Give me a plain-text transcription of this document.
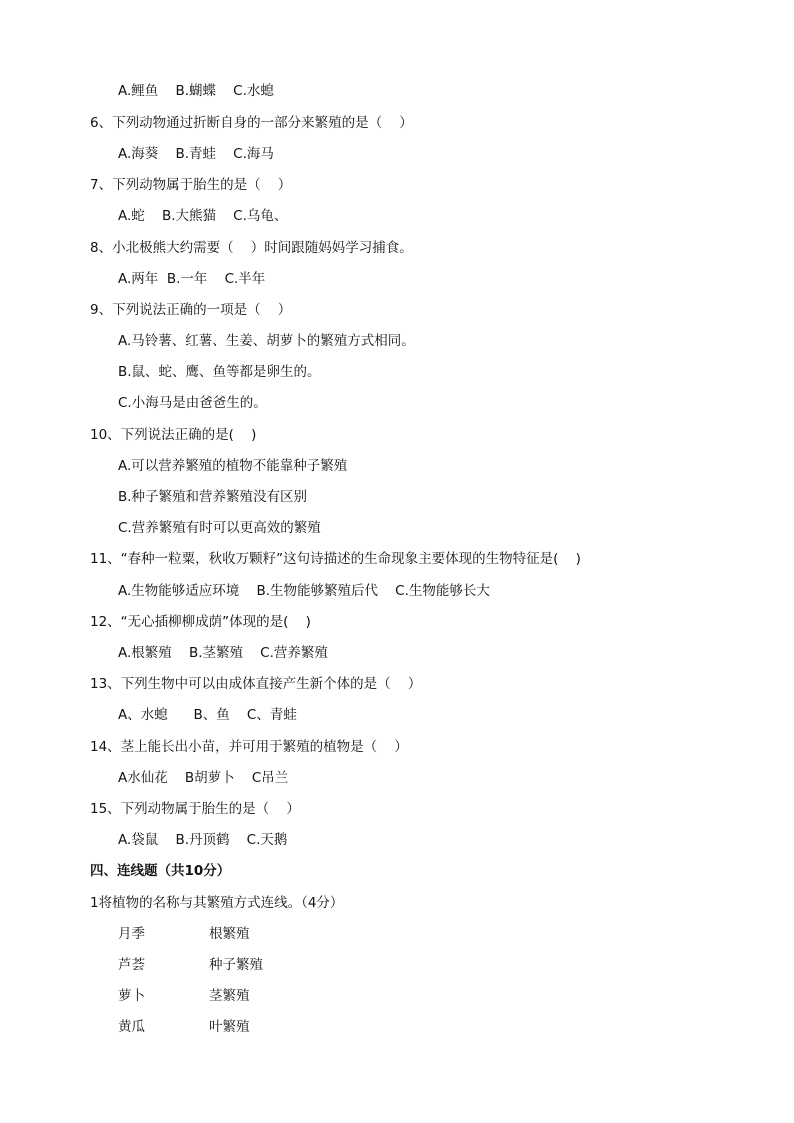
A.鲤鱼    B.蝴蝶    C.水螅
6、下列动物通过折断自身的一部分来繁殖的是（    ）
A.海葵    B.青蛙    C.海马
7、下列动物属于胎生的是（    ）
A.蛇    B.大熊猫    C.乌龟、
8、小北极熊大约需要（    ）时间跟随妈妈学习捕食。
A.两年  B.一年    C.半年
9、下列说法正确的一项是（    ）
A.马铃薯、红薯、生姜、胡萝卜的繁殖方式相同。
B.鼠、蛇、鹰、鱼等都是卵生的。
C.小海马是由爸爸生的。
10、下列说法正确的是(    )
A.可以营养繁殖的植物不能靠种子繁殖
B.种子繁殖和营养繁殖没有区别
C.营养繁殖有时可以更高效的繁殖
11、“春种一粒粟，秋收万颗籽”这句诗描述的生命现象主要体现的生物特征是(    )
A.生物能够适应环境    B.生物能够繁殖后代    C.生物能够长大
12、“无心插柳柳成荫”体现的是(    )
A.根繁殖    B.茎繁殖    C.营养繁殖
13、下列生物中可以由成体直接产生新个体的是（    ）
A、水螅      B、鱼    C、青蛙
14、茎上能长出小苗，并可用于繁殖的植物是（    ）
A水仙花    B胡萝卜    C吊兰
15、下列动物属于胎生的是（    ）
A.袋鼠    B.丹顶鹤    C.天鹅
四、连线题（共10分）
1将植物的名称与其繁殖方式连线。（4分）
月季	根繁殖
芦荟	种子繁殖
萝卜	茎繁殖
黄瓜	叶繁殖
